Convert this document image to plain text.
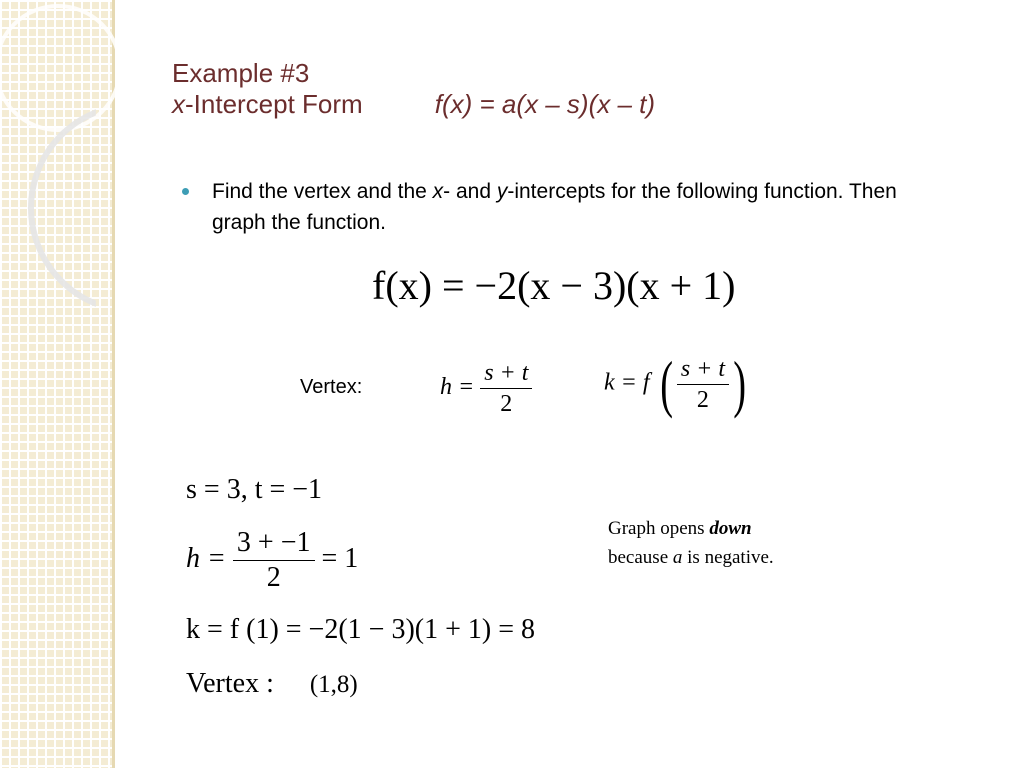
Example #3
x-Intercept Form	f(x) = a(x – s)(x – t)
Find the vertex and the x- and y-intercepts for the following function. Then graph the function.
f(x) = −2(x − 3)(x + 1)
Vertex:	$h = \frac{s + t}{2}$	k = f ( $\frac{s + t}{2}$ )
s = 3, t = −1
$h = \frac{3 + -1}{2} = 1$
k = f (1) = −2(1 − 3)(1 + 1) = 8
Vertex : (1,8)
Graph opens down
because a is negative.
